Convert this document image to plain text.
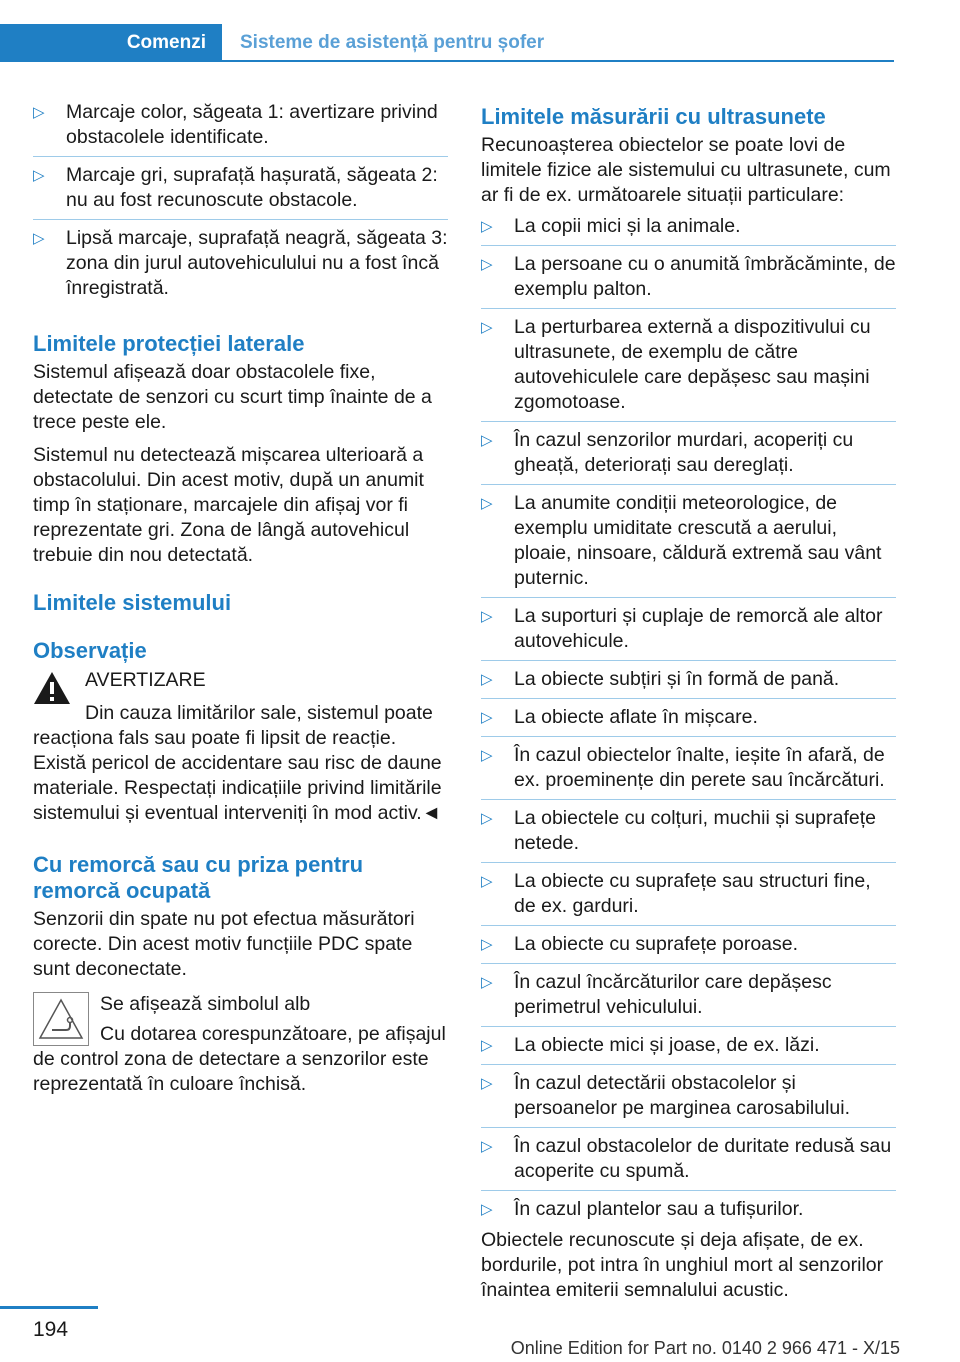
Comenzi	Sisteme de asistență pentru șofer
▷ Marcaje color, săgeata 1: avertizare privind obstacolele identificate.
▷ Marcaje gri, suprafață hașurată, săgeata 2: nu au fost recunoscute obstacole.
▷ Lipsă marcaje, suprafață neagră, săgeata 3: zona din jurul autovehiculului nu a fost încă înregistrată.
Limitele protecției laterale

Sistemul afișează doar obstacolele fixe, detectate de senzori cu scurt timp înainte de a trece peste ele.

Sistemul nu detectează mișcarea ulterioară a obstacolului. Din acest motiv, după un anumit timp în staționare, marcajele din afișaj vor fi reprezentate gri. Zona de lângă autovehicul trebuie din nou detectată.

Limitele sistemului
Observație

AVERTIZARE

Din cauza limitărilor sale, sistemul poate reacționa fals sau poate fi lipsit de reacție. Există pericol de accidentare sau risc de daune materiale. Respectați indicațiile privind limitările sistemului și eventual interveniți în mod activ.◄

Cu remorcă sau cu priza pentru remorcă ocupată

Senzorii din spate nu pot efectua măsurători corecte. Din acest motiv funcțiile PDC spate sunt deconectate.

Se afișează simbolul alb

Cu dotarea corespunzătoare, pe afișajul de control zona de detectare a senzorilor este reprezentată în culoare închisă.

Limitele măsurării cu ultrasunete

Recunoașterea obiectelor se poate lovi de limitele fizice ale sistemului cu ultrasunete, cum ar fi de ex. următoarele situații particulare:

▷ La copii mici și la animale.
▷ La persoane cu o anumită îmbrăcăminte, de exemplu palton.
▷ La perturbarea externă a dispozitivului cu ultrasunete, de exemplu de către autovehiculele care depășesc sau mașini zgomotoase.
▷ În cazul senzorilor murdari, acoperiți cu gheață, deteriorați sau dereglați.
▷ La anumite condiții meteorologice, de exemplu umiditate crescută a aerului, ploaie, ninsoare, căldură extremă sau vânt puternic.
▷ La suporturi și cuplaje de remorcă ale altor autovehicule.
▷ La obiecte subțiri și în formă de pană.
▷ La obiecte aflate în mișcare.
▷ În cazul obiectelor înalte, ieșite în afară, de ex. proeminențe din perete sau încărcături.
▷ La obiectele cu colțuri, muchii și suprafețe netede.
▷ La obiecte cu suprafețe sau structuri fine, de ex. garduri.
▷ La obiecte cu suprafețe poroase.
▷ În cazul încărcăturilor care depășesc perimetrul vehiculului.
▷ La obiecte mici și joase, de ex. lăzi.
▷ În cazul detectării obstacolelor și persoanelor pe marginea carosabilului.
▷ În cazul obstacolelor de duritate redusă sau acoperite cu spumă.
▷ În cazul plantelor sau a tufișurilor.

Obiectele recunoscute și deja afișate, de ex. bordurile, pot intra în unghiul mort al senzorilor înaintea emiterii semnalului acustic.

194
Online Edition for Part no. 0140 2 966 471 - X/15
